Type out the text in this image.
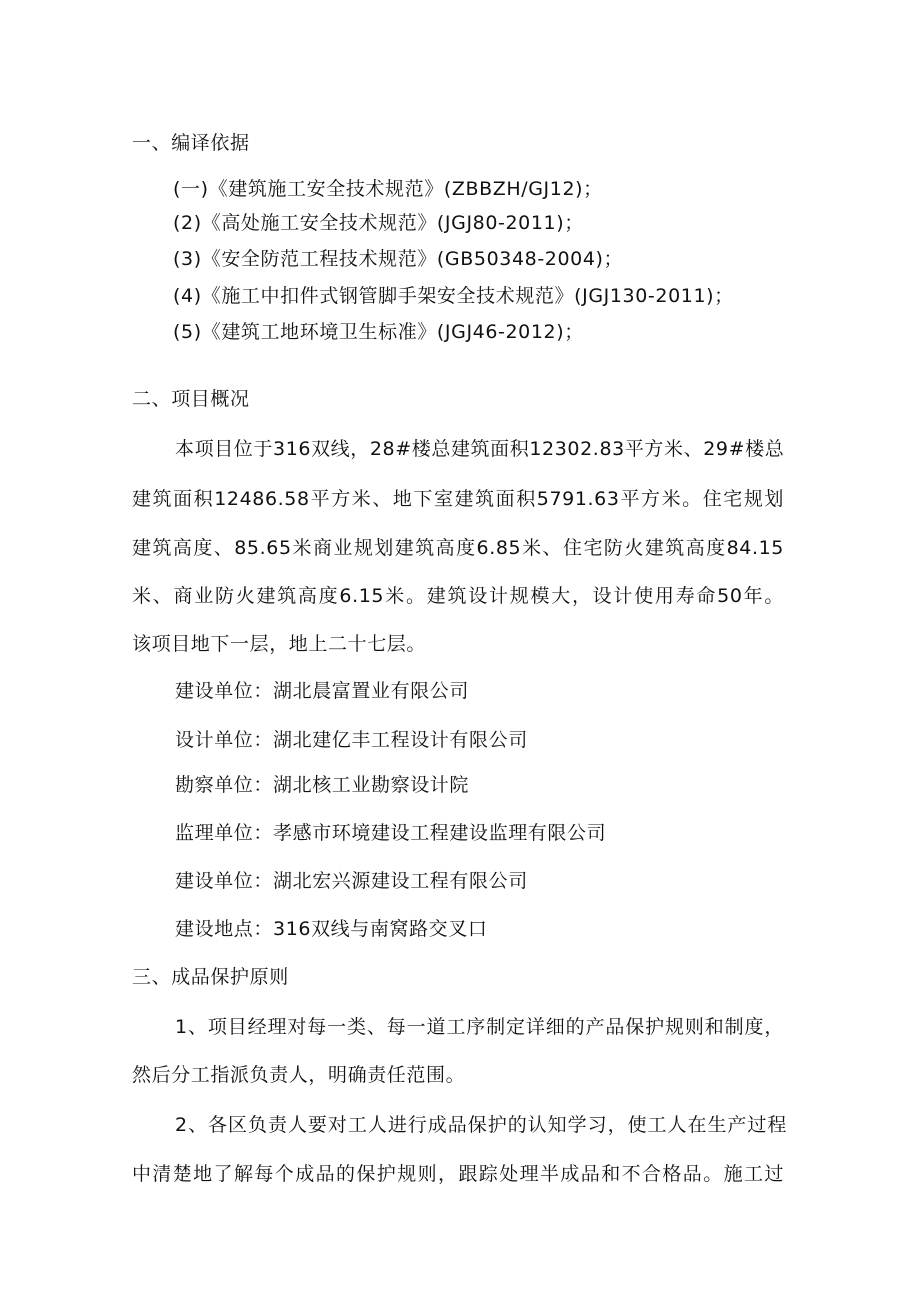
一、编译依据
(一)《建筑施工安全技术规范》(ZBBZH/GJ12)；
(2)《高处施工安全技术规范》(JGJ80-2011)；
(3)《安全防范工程技术规范》(GB50348-2004)；
(4)《施工中扣件式钢管脚手架安全技术规范》(JGJ130-2011)；
(5)《建筑工地环境卫生标准》(JGJ46-2012)；
二、项目概况
本项目位于316双线，28#楼总建筑面积12302.83平方米、29#楼总
建筑面积12486.58平方米、地下室建筑面积5791.63平方米。住宅规划
建筑高度、85.65米商业规划建筑高度6.85米、住宅防火建筑高度84.15
米、商业防火建筑高度6.15米。建筑设计规模大，设计使用寿命50年。
该项目地下一层，地上二十七层。
建设单位：湖北晨富置业有限公司
设计单位：湖北建亿丰工程设计有限公司
勘察单位：湖北核工业勘察设计院
监理单位：孝感市环境建设工程建设监理有限公司
建设单位：湖北宏兴源建设工程有限公司
建设地点：316双线与南窝路交叉口
三、成品保护原则
1、项目经理对每一类、每一道工序制定详细的产品保护规则和制度，
然后分工指派负责人，明确责任范围。
2、各区负责人要对工人进行成品保护的认知学习，使工人在生产过程
中清楚地了解每个成品的保护规则，跟踪处理半成品和不合格品。施工过
